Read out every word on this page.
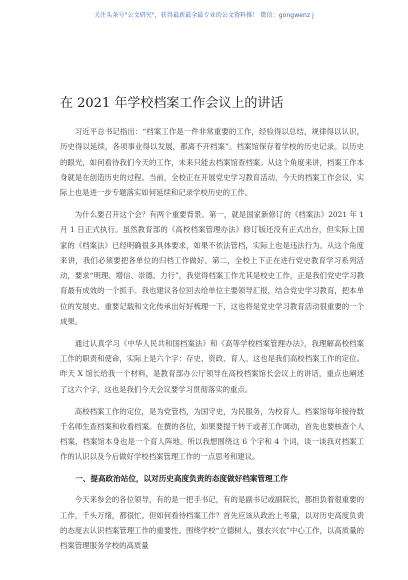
关注头条号"公文研究"，获得最新最全最专业的公文资料推！ 微信：gongwenz j
在 2021 年学校档案工作会议上的讲话

习近平总书记指出：“档案工作是一件非常重要的工作，经验得以总结，规律得以认识，历史得以延续，各项事业得以发展，都离不开档案”。档案馆保存着学校的历史记录。以历史的眼光，如何看待我们今天的工作，未来只能去档案馆查档案。从这个角度来讲，档案工作本身就是在创造历史的过程。当前，全校正在开展党史学习教育活动，今天的档案工作会议，实际上也是进一步专题落实如何延续和记录学校历史的工作。

为什么要召开这个会？有两个重要背景。第一，就是国家新修订的《档案法》2021 年 1 月 1 日正式执行。虽然教育部的《高校档案管理办法》修订版还没有正式出台，但实际上国家的《档案法》已经明确很多具体要求，如果不依法管档，实际上也是违法行为。从这个角度来讲，我们必须要把各单位的归档工作做好。第二，全校上下正在进行党史教育学习系列活动，要求“明理、增信、崇德、力行”，我觉得档案工作尤其是校史工作，正是我们党史学习教育最有成效的一个抓手。我也建议各位回去给单位主要领导汇报，结合党史学习教育，把本单位的发展史、重要记载和文化传承出好好梳理一下，这也将是党史学习教育活动很重要的一个成果。

通过认真学习《中华人民共和国档案法》和《高等学校档案管理办法》，我理解高校档案工作的职责和使命，实际上是六个字：存史、资政、育人。这也是我们高校档案工作的定位。昨天 X 馆长给我一个材料，是教育部办公厅领导在高校档案馆长会议上的讲话，重点也阐述了这六个字，这也是我们今天会议要学习贯彻落实的重点。

高校档案工作的定位，是为党管档，为国守史，为民服务，为校育人。档案馆每年接待数千名师生查档案和收看档案。在撰的各位，如果要提干转干或者工作调动，首先也要核查个人档案，档案馆本身也是一个育人阵地。所以我想围绕这 6 个字和 4 个词，谈一谈我对档案工作的认识以及今后做好学校档案管理工作的一点思考和建议。

一、提高政治站位，以对历史高度负责的态度做好档案管理工作

今天来参会的各位领导，有的是一把手书记，有的是副书记或副院长，都担负着很重要的工作，千头万绪，都很忙。但如何看待档案工作？首先应该从政治上考量，以对历史高度负责的态度去认识档案管理工作的重要性。围绕学校“立德树人，强农兴农”中心工作，以高质量的档案管理服务学校的高质量
